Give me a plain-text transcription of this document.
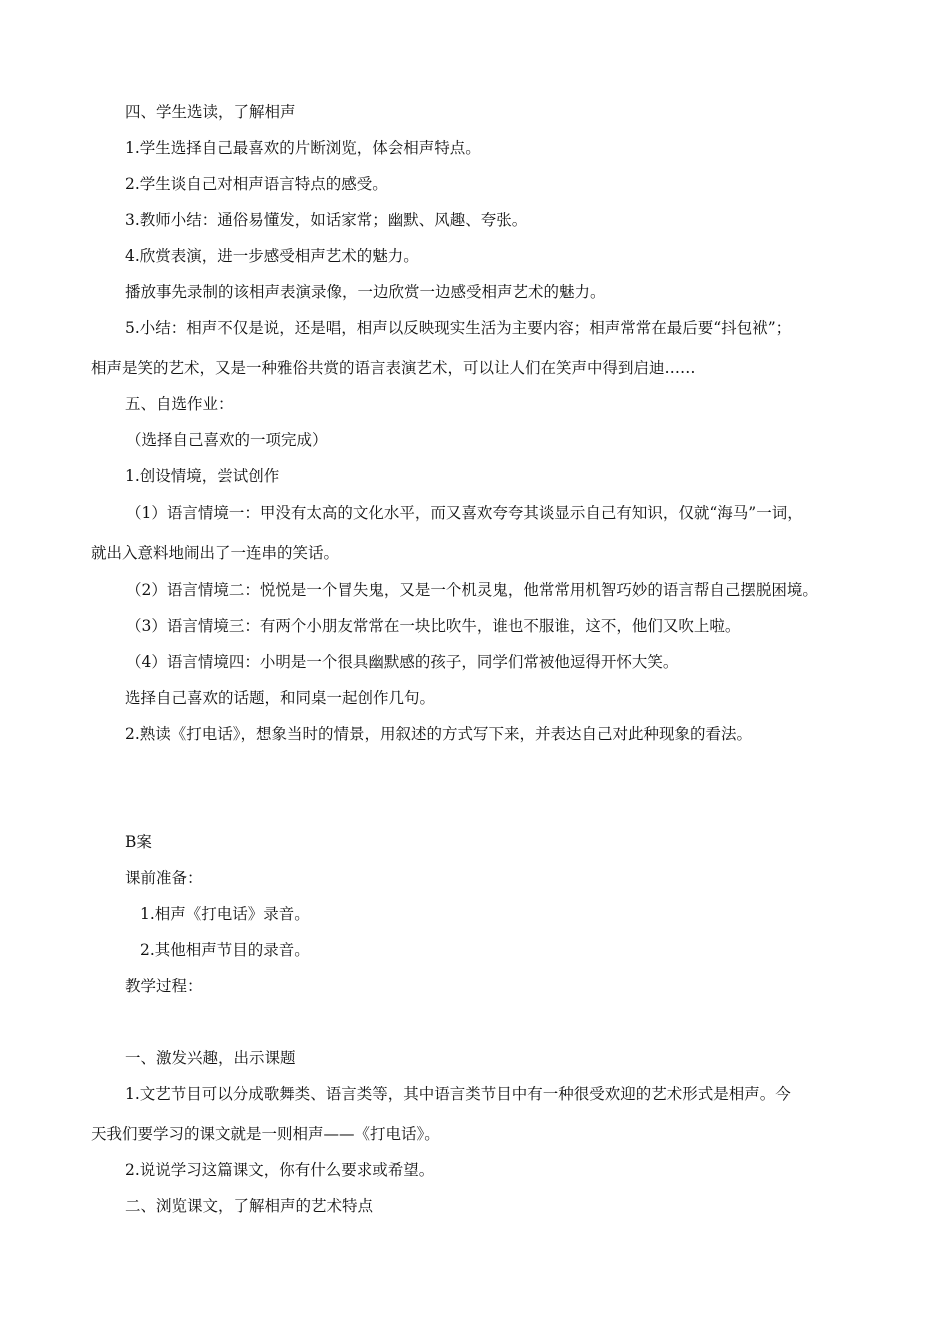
四、学生选读，了解相声
1.学生选择自己最喜欢的片断浏览，体会相声特点。
2.学生谈自己对相声语言特点的感受。
3.教师小结：通俗易懂发，如话家常；幽默、风趣、夸张。
4.欣赏表演，进一步感受相声艺术的魅力。
播放事先录制的该相声表演录像，一边欣赏一边感受相声艺术的魅力。
5.小结：相声不仅是说，还是唱，相声以反映现实生活为主要内容；相声常常在最后要“抖包袱”；
相声是笑的艺术，又是一种雅俗共赏的语言表演艺术，可以让人们在笑声中得到启迪……
五、自选作业：
（选择自己喜欢的一项完成）
1.创设情境，尝试创作
（1）语言情境一：甲没有太高的文化水平，而又喜欢夸夸其谈显示自己有知识，仅就“海马”一词，
就出入意料地闹出了一连串的笑话。
（2）语言情境二：悦悦是一个冒失鬼，又是一个机灵鬼，他常常用机智巧妙的语言帮自己摆脱困境。
（3）语言情境三：有两个小朋友常常在一块比吹牛，谁也不服谁，这不，他们又吹上啦。
（4）语言情境四：小明是一个很具幽默感的孩子，同学们常被他逗得开怀大笑。
选择自己喜欢的话题，和同桌一起创作几句。
2.熟读《打电话》，想象当时的情景，用叙述的方式写下来，并表达自己对此种现象的看法。
B案
课前准备：
1.相声《打电话》录音。
2.其他相声节目的录音。
教学过程：
一、激发兴趣，出示课题
1.文艺节目可以分成歌舞类、语言类等，其中语言类节目中有一种很受欢迎的艺术形式是相声。今
天我们要学习的课文就是一则相声——《打电话》。
2.说说学习这篇课文，你有什么要求或希望。
二、浏览课文，了解相声的艺术特点
